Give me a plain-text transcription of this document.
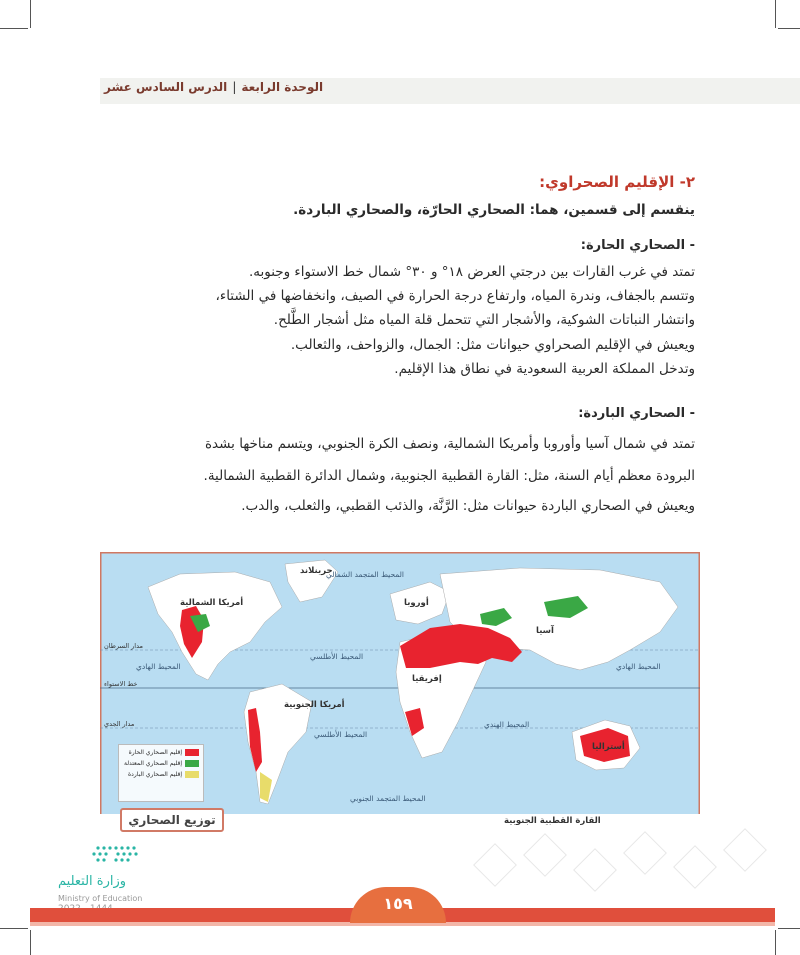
الوحدة الرابعة|الدرس السادس عشر
٢- الإقليم الصحراوي:
ينقسم إلى قسمين، هما: الصحاري الحارّة، والصحاري الباردة.
- الصحاري الحارة:
تمتد في غرب القارات بين درجتي العرض ١٨° و ٣٠° شمال خط الاستواء وجنوبه.
وتتسم بالجفاف، وندرة المياه، وارتفاع درجة الحرارة في الصيف، وانخفاضها في الشتاء،
وانتشار النباتات الشوكية، والأشجار التي تتحمل قلة المياه مثل أشجار الطَّلح.
ويعيش في الإقليم الصحراوي حيوانات مثل: الجمال، والزواحف، والثعالب.
وتدخل المملكة العربية السعودية في نطاق هذا الإقليم.
- الصحاري الباردة:
تمتد في شمال آسيا وأوروبا وأمريكا الشمالية، ونصف الكرة الجنوبي، ويتسم مناخها بشدة
البرودة معظم أيام السنة، مثل: القارة القطبية الجنوبية، وشمال الدائرة القطبية الشمالية.
ويعيش في الصحاري الباردة حيوانات مثل: الرَّنَّة، والذئب القطبي، والثعلب، والدب.
جرينلاند
أمريكا الشمالية
أمريكا الجنوبية
أوروبا
آسيا
إفريقيا
أستراليا
المحيط المتجمد الشمالي
المحيط الأطلسي
المحيط الأطلسي
المحيط الهادي	المحيط الهادي
المحيط الهندي
المحيط المتجمد الجنوبي
القارة القطبية الجنوبية
مدار السرطان
خط الاستواء
مدار الجدي
إقليم الصحاري الحارة
إقليم الصحاري المعتدلة
إقليم الصحاري الباردة
توزيع الصحاري
وزارة التعليم
Ministry of Education	١٥٩
